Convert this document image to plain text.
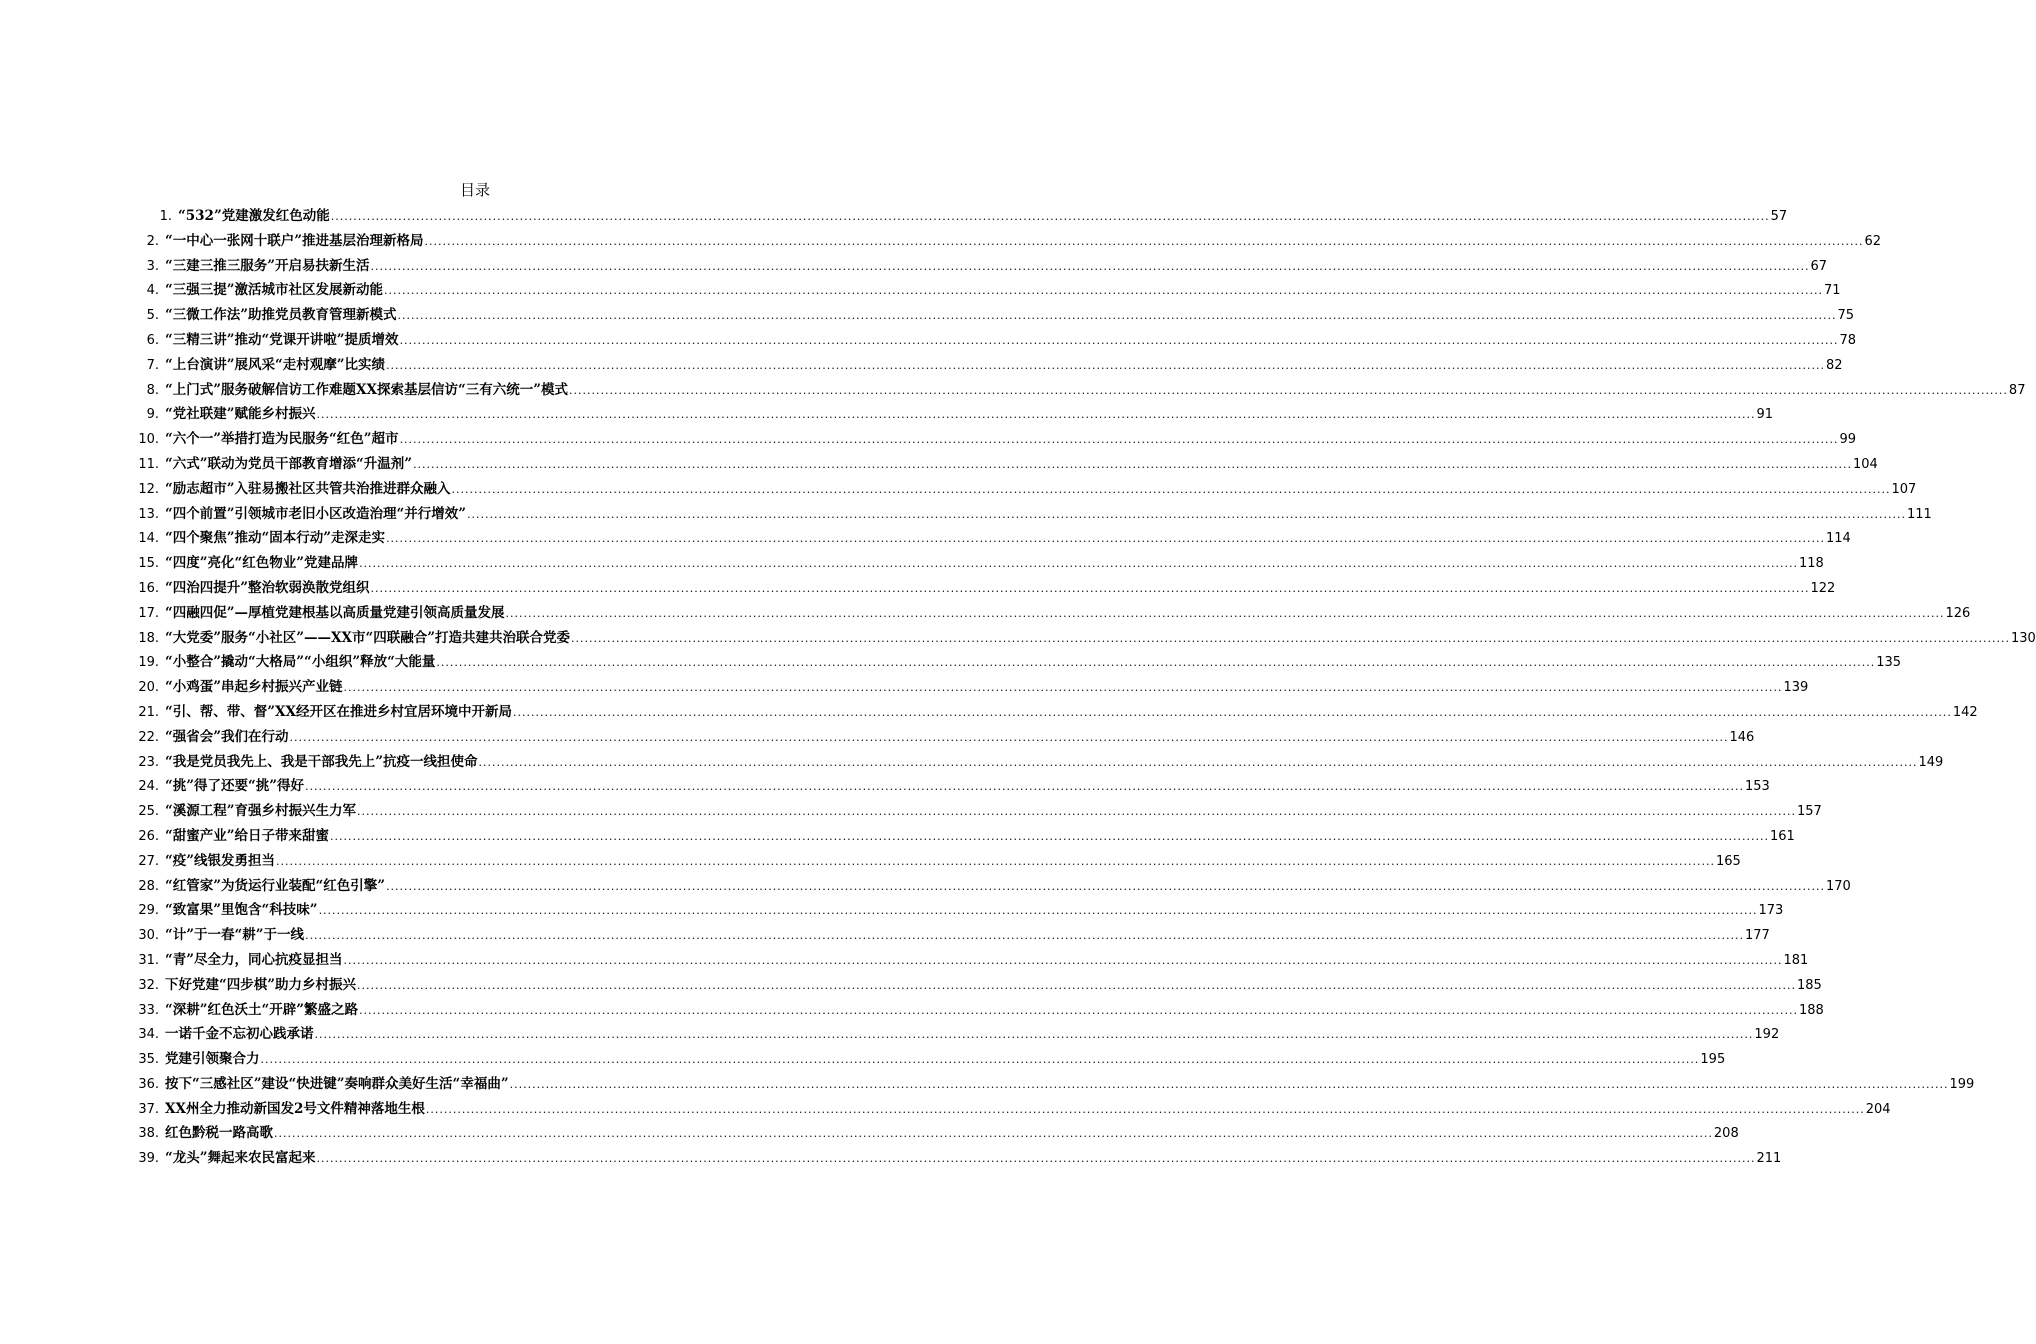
目录
1. “532”党建激发红色动能 .....	57
2. “一中心一张网十联户”推进基层治理新格局 .....	62
3. “三建三推三服务”开启易扶新生活 .....	67
4. “三强三提”激活城市社区发展新动能 .....	71
5. “三微工作法”助推党员教育管理新模式 .....	75
6. “三精三讲”推动“党课开讲啦”提质增效 .....	78
7. “上台演讲”展风采“走村观摩”比实绩 .....	82
8. “上门式”服务破解信访工作难题XX探索基层信访“三有六统一”模式 .....	87
9. “党社联建”赋能乡村振兴 .....	91
10. “六个一”举措打造为民服务“红色”超市 .....	99
11. “六式”联动为党员干部教育增添“升温剂” .....	104
12. “励志超市”入驻易搬社区共管共治推进群众融入 .....	107
13. “四个前置”引领城市老旧小区改造治理“并行增效” .....	111
14. “四个聚焦”推动“固本行动”走深走实 .....	114
15. “四度”亮化“红色物业”党建品牌 .....	118
16. “四治四提升”整治软弱涣散党组织 .....	122
17. “四融四促”—厚植党建根基以高质量党建引领高质量发展 .....	126
18. “大党委”服务“小社区”——XX市“四联融合”打造共建共治联合党委 .....	130
19. “小整合”撬动“大格局”“小组织”释放“大能量 .....	135
20. “小鸡蛋”串起乡村振兴产业链 .....	139
21. “引、帮、带、督”XX经开区在推进乡村宜居环境中开新局 .....	142
22. “强省会”我们在行动 .....	146
23. “我是党员我先上、我是干部我先上”抗疫一线担使命 .....	149
24. “挑”得了还要“挑”得好 .....	153
25. “溪源工程”育强乡村振兴生力军 .....	157
26. “甜蜜产业”给日子带来甜蜜 .....	161
27. “疫”线银发勇担当 .....	165
28. “红管家”为货运行业装配“红色引擎” .....	170
29. “致富果”里饱含“科技味” .....	173
30. “计”于一春“耕”于一线 .....	177
31. “青”尽全力，同心抗疫显担当 .....	181
32. 下好党建“四步棋”助力乡村振兴 .....	185
33. “深耕”红色沃土“开辟”繁盛之路 .....	188
34. 一诺千金不忘初心践承诺 .....	192
35. 党建引领聚合力 .....	195
36. 按下“三感社区”建设“快进键”奏响群众美好生活“幸福曲” .....	199
37. XX州全力推动新国发2号文件精神落地生根 .....	204
38. 红色黔税一路高歌 .....	208
39. “龙头”舞起来农民富起来 .....	211
